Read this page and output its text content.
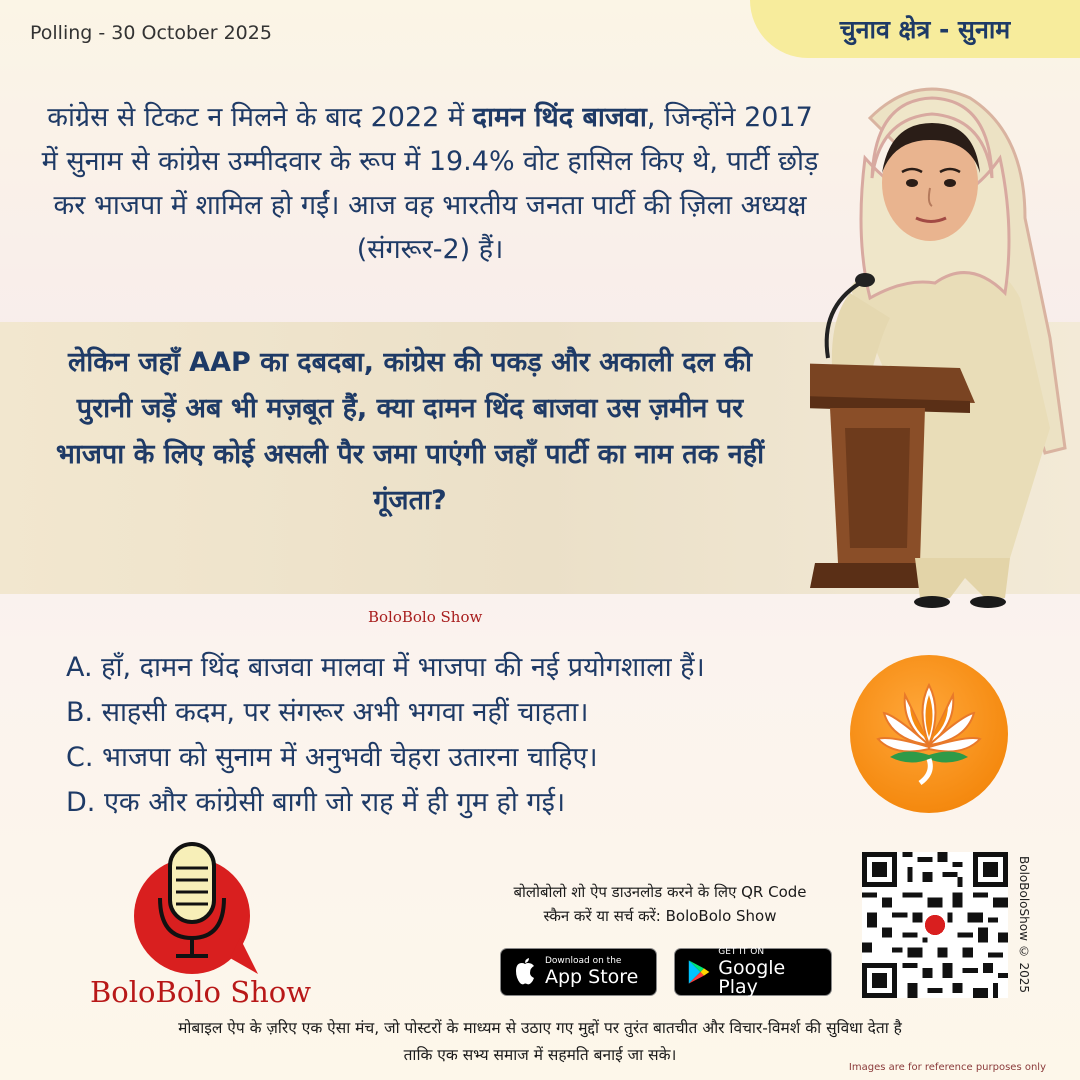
Polling - 30 October 2025	चुनाव क्षेत्र - सुनाम

कांग्रेस से टिकट न मिलने के बाद 2022 में दामन थिंद बाजवा, जिन्होंने 2017 में सुनाम से कांग्रेस उम्मीदवार के रूप में 19.4% वोट हासिल किए थे, पार्टी छोड़ कर भाजपा में शामिल हो गईं। आज वह भारतीय जनता पार्टी की ज़िला अध्यक्ष (संगरूर-2) हैं।

लेकिन जहाँ AAP का दबदबा, कांग्रेस की पकड़ और अकाली दल की पुरानी जड़ें अब भी मज़बूत हैं, क्या दामन थिंद बाजवा उस ज़मीन पर भाजपा के लिए कोई असली पैर जमा पाएंगी जहाँ पार्टी का नाम तक नहीं गूंजता?

BoloBolo Show
A. हाँ, दामन थिंद बाजवा मालवा में भाजपा की नई प्रयोगशाला हैं।
B. साहसी कदम, पर संगरूर अभी भगवा नहीं चाहता।
C. भाजपा को सुनाम में अनुभवी चेहरा उतारना चाहिए।
D. एक और कांग्रेसी बागी जो राह में ही गुम हो गई।
BoloBolo Show
बोलोबोलो शो ऐप डाउनलोड करने के लिए QR Code
स्कैन करें या सर्च करें: BoloBolo Show
Download on the
App Store
GET IT ON
Google Play	BoloBoloShow © 2025
मोबाइल ऐप के ज़रिए एक ऐसा मंच, जो पोस्टरों के माध्यम से उठाए गए मुद्दों पर तुरंत बातचीत और विचार-विमर्श की सुविधा देता है
ताकि एक सभ्य समाज में सहमति बनाई जा सके।
Images are for reference purposes only
